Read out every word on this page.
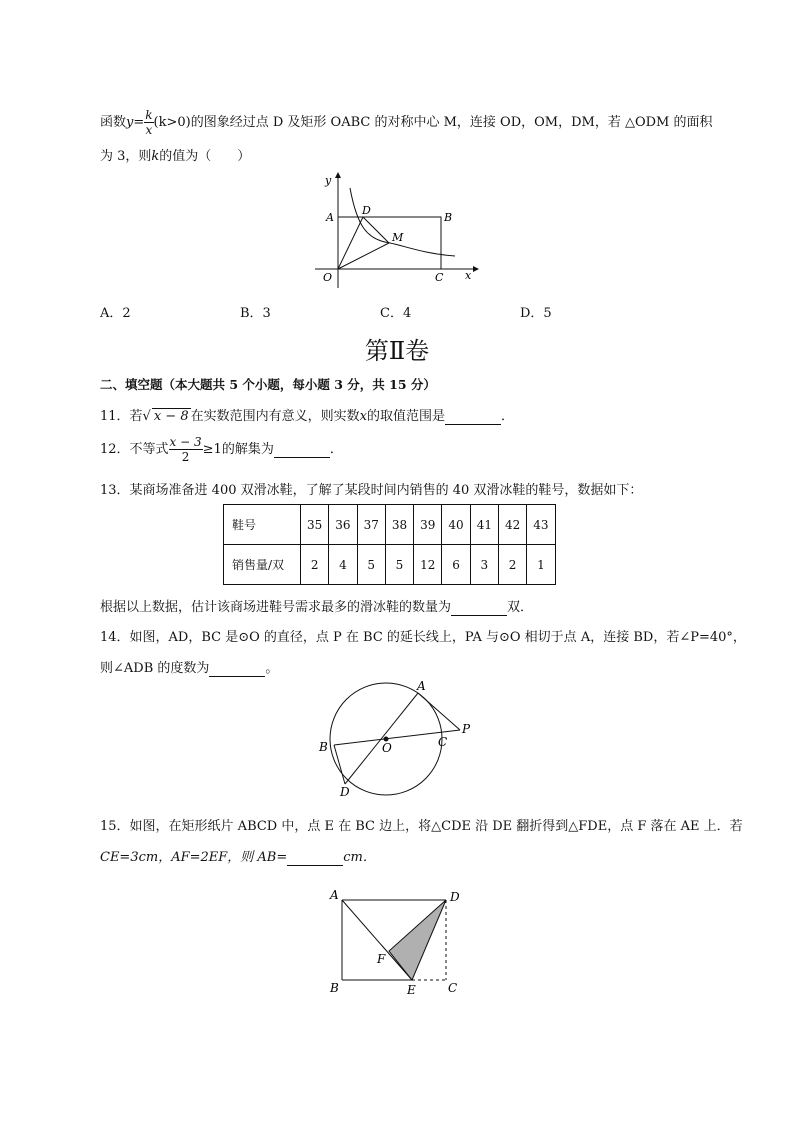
函数$y= \frac{k}{x} (k>0)$的图象经过点 D 及矩形 OABC 的对称中心 M，连接 OD，OM，DM，若 △ODM 的面积
为 3，则k的值为（　　）
y
x
A
D
B
M
O	C
A．2	B．3	C．4	D．5
第Ⅱ卷
二、填空题（本大题共 5 个小题，每小题 3 分，共 15 分）
11．若√ x − 8 在实数范围内有意义，则实数x的取值范围是	．
12．不等式 $\frac{x - 3}{2} \ge 1$的解集为	．
13．某商场准备进 400 双滑冰鞋，了解了某段时间内销售的 40 双滑冰鞋的鞋号，数据如下：
鞋号	35	36	37	38	39	40	41	42	43
销售量/双	2	4	5	5	12	6	3	2	1
根据以上数据，估计该商场进鞋号需求最多的滑冰鞋的数量为	双．
14．如图，AD，BC 是⊙O 的直径，点 P 在 BC 的延长线上，PA 与⊙O 相切于点 A，连接 BD，若∠P=40°，
则∠ADB 的度数为	。
A
P
B	O	C
D
15．如图，在矩形纸片 ABCD 中，点 E 在 BC 边上，将△CDE 沿 DE 翻折得到△FDE，点 F 落在 AE 上．若
CE=3cm，AF=2EF，则 AB=	cm．
A	D
F
B	E	C
